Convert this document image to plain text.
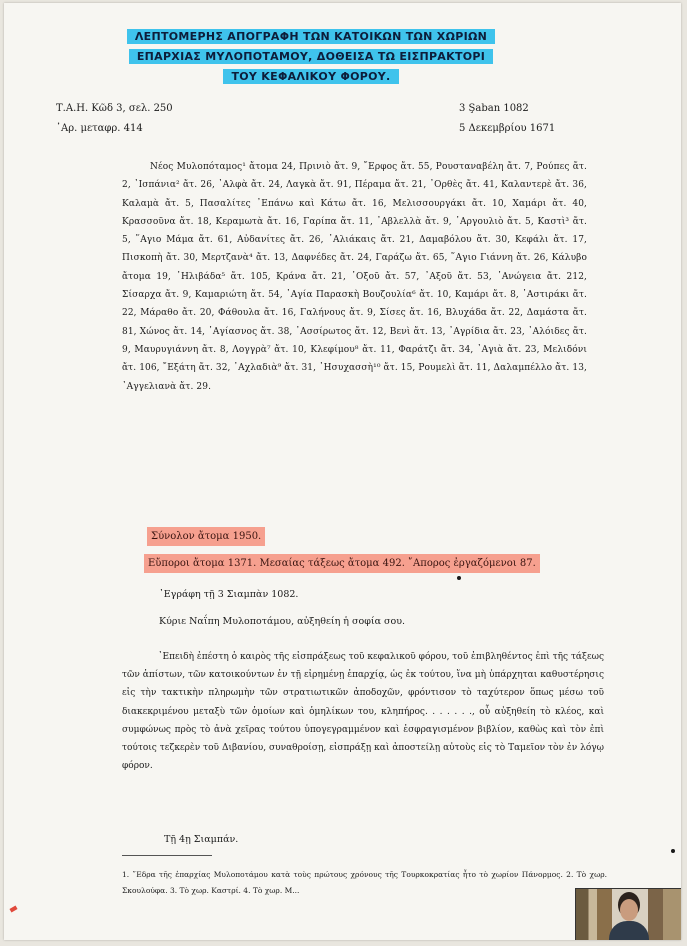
ΛΕΠΤΟΜΕΡΗΣ ΑΠΟΓΡΑΦΗ ΤΩΝ ΚΑΤΟΙΚΩΝ ΤΩΝ ΧΩΡΙΩΝ
ΕΠΑΡΧΙΑΣ ΜΥΛΟΠΟΤΑΜΟΥ, ΔΟΘΕΙΣΑ ΤΩ ΕΙΣΠΡΑΚΤΟΡΙ
ΤΟΥ ΚΕΦΑΛΙΚΟΥ ΦΟΡΟΥ.
Τ.Α.Η. Κῶδ 3, σελ. 250
᾿Αρ. μεταφρ. 414
3 Şaban 1082
5 Δεκεμβρίου 1671
Νέος Μυλοπόταμος¹ ἄτομα 24, Πρινιὸ ἄτ. 9, ῎Ερφος ἄτ. 55, Ρουσταναβέλη ἄτ. 7, Ρούπες ἄτ. 2, ᾿Ισπάνια² ἄτ. 26, ᾿Αλφὰ ἄτ. 24, Λαγκὰ ἄτ. 91, Πέραμα ἄτ. 21, ᾿Ορθὲς ἄτ. 41, Καλαντερὲ ἄτ. 36, Καλαμὰ ἄτ. 5, Πασαλίτες ᾿Επάνω καὶ Κάτω ἄτ. 16, Μελισσουργάκι ἄτ. 10, Χαμάρι ἄτ. 40, Κρασσοῦνα ἄτ. 18, Κεραμωτὰ ἄτ. 16, Γαρίπα ἄτ. 11, ᾿Αβλελλὰ ἄτ. 9, ᾿Αργουλιὸ ἄτ. 5, Καστὶ³ ἄτ. 5, ῞Αγιο Μάμα ἄτ. 61, Αὐδανίτες ἄτ. 26, ᾿Αλιάκαις ἄτ. 21, Δαμαβόλου ἄτ. 30, Κεφάλι ἄτ. 17, Πισκοπὴ ἄτ. 30, Μερτζανὰ⁴ ἄτ. 13, Δαφνέδες ἄτ. 24, Γαράζω ἄτ. 65, ῞Αγιο Γιάννη ἄτ. 26, Κάλυβο ἄτομα 19, ᾿Ηλιβάδα⁵ ἄτ. 105, Κράνα ἄτ. 21, ᾿Οξοῦ ἄτ. 57, ᾿Αξοῦ ἄτ. 53, ᾿Ανώγεια ἄτ. 212, Σίσαρχα ἄτ. 9, Καμαριώτη ἄτ. 54, ῾Αγία Παρασκὴ Βουζουλία⁶ ἄτ. 10, Καμάρι ἄτ. 8, ᾿Αστιράκι ἄτ. 22, Μάραθο ἄτ. 20, Φάθουλα ἄτ. 16, Γαλήνους ἄτ. 9, Σίσες ἄτ. 16, Βλυχάδα ἄτ. 22, Δαμάστα ἄτ. 81, Χώνος ἄτ. 14, ᾿Αγίασνος ἄτ. 38, ᾿Ασσίρωτος ἄτ. 12, Βενὶ ἄτ. 13, ᾿Αγρίδια ἄτ. 23, ᾿Αλόιδες ἄτ. 9, Μαυρυγιάννη ἄτ. 8, Λογγρὰ⁷ ἄτ. 10, Κλεφίμου⁸ ἄτ. 11, Φαράτζι ἄτ. 34, ᾿Αγιὰ ἄτ. 23, Μελιδόνι ἄτ. 106, ῎Εξάτη ἄτ. 32, ᾿Αχλαδιὰ⁹ ἄτ. 31, ῾Ησυχασσὴ¹⁰ ἄτ. 15, Ρουμελὶ ἄτ. 11, Δαλαμπέλλο ἄτ. 13, ᾿Αγγελιανὰ ἄτ. 29.
Σύνολον ἄτομα 1950.
Εὔποροι ἄτομα 1371. Μεσαίας τάξεως ἄτομα 492. ῎Απορος ἐργαζόμενοι 87.
᾿Εγράφη τῇ 3 Σιαμπὰν 1082.
Κύριε Ναΐπη Μυλοποτάμου, αὐξηθείη ἡ σοφία σου.
᾿Επειδὴ ἐπέστη ὁ καιρὸς τῆς εἰσπράξεως τοῦ κεφαλικοῦ φόρου, τοῦ ἐπιβληθέντος ἐπὶ τῆς τάξεως τῶν ἀπίστων, τῶν κατοικούντων ἐν τῇ εἰρημένῃ ἐπαρχίᾳ, ὡς ἐκ τούτου, ἵνα μὴ ὑπάρχηται καθυστέρησις εἰς τὴν τακτικὴν πληρωμὴν τῶν στρατιωτικῶν ἀποδοχῶν, φρόντισον τὸ ταχύτερον ὅπως μέσω τοῦ διακεκριμένου μεταξὺ τῶν ὁμοίων καὶ ὁμηλίκων του, κληπήρος. . . . . . ., οὗ αὐξηθείη τὸ κλέος, καὶ συμφώνως πρὸς τὸ ἀνὰ χεῖρας τούτου ὑπογεγραμμένον καὶ ἐσφραγισμένον βιβλίον, καθὼς καὶ τὸν ἐπὶ τούτοις τεζκερὲν τοῦ Διβανίου, συναθροίσῃ, εἰσπράξῃ καὶ ἀποστείλῃ αὐτοὺς εἰς τὸ Ταμεῖον τὸν ἐν λόγῳ φόρον.
Τῇ 4ῃ Σιαμπάν.
1. ῎Εδρα τῆς ἐπαρχίας Μυλοποτάμου κατὰ τοὺς πρώτους χρόνους τῆς Τουρκοκρατίας ἦτο τὸ χωρίον Πάνορμος. 2. Τὸ χωρ. Σκουλούφα. 3. Τὸ χωρ. Καστρί. 4. Τὸ χωρ. Μ...
